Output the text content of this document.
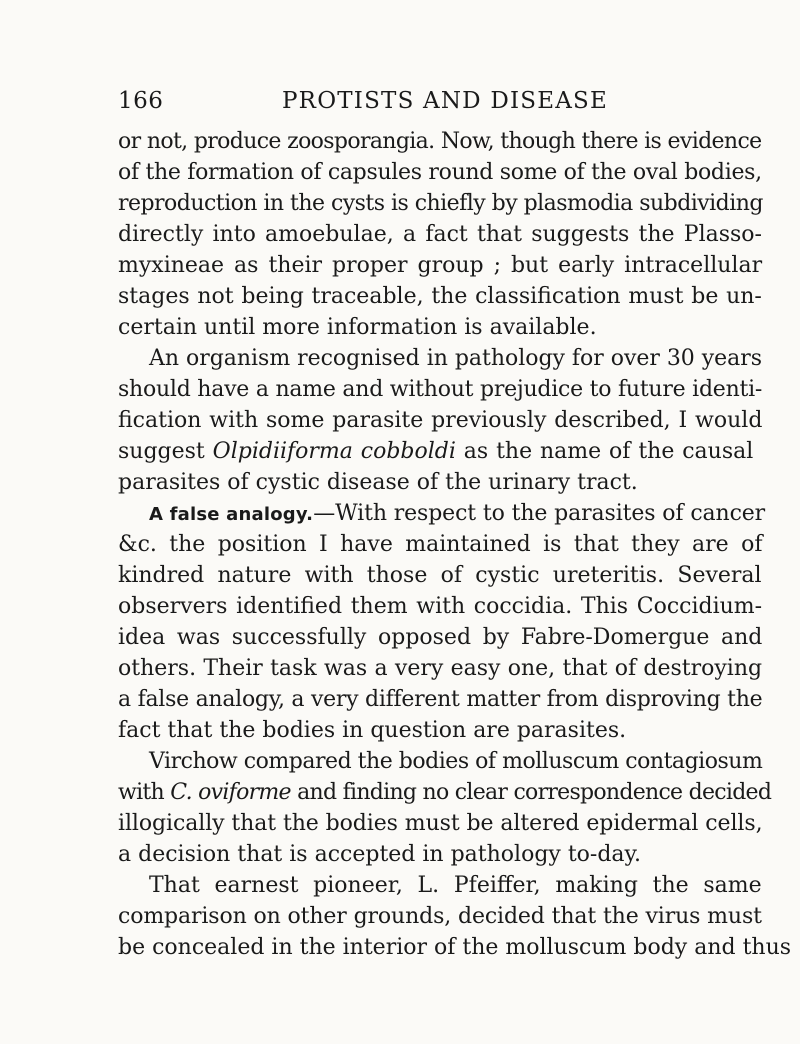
166	PROTISTS AND DISEASE
or not, produce zoosporangia. Now, though there is evidence
of the formation of capsules round some of the oval bodies,
reproduction in the cysts is chiefly by plasmodia subdividing
directly into amoebulae, a fact that suggests the Plasso-
myxineae as their proper group ; but early intracellular
stages not being traceable, the classification must be un-
certain until more information is available.
An organism recognised in pathology for over 30 years
should have a name and without prejudice to future identi-
fication with some parasite previously described, I would
suggest Olpidiiforma cobboldi as the name of the causal
parasites of cystic disease of the urinary tract.
A false analogy.—With respect to the parasites of cancer
&c. the position I have maintained is that they are of
kindred nature with those of cystic ureteritis. Several
observers identified them with coccidia. This Coccidium-
idea was successfully opposed by Fabre-Domergue and
others. Their task was a very easy one, that of destroying
a false analogy, a very different matter from disproving the
fact that the bodies in question are parasites.
Virchow compared the bodies of molluscum contagiosum
with C. oviforme and finding no clear correspondence decided
illogically that the bodies must be altered epidermal cells,
a decision that is accepted in pathology to-day.
That earnest pioneer, L. Pfeiffer, making the same
comparison on other grounds, decided that the virus must
be concealed in the interior of the molluscum body and thus
